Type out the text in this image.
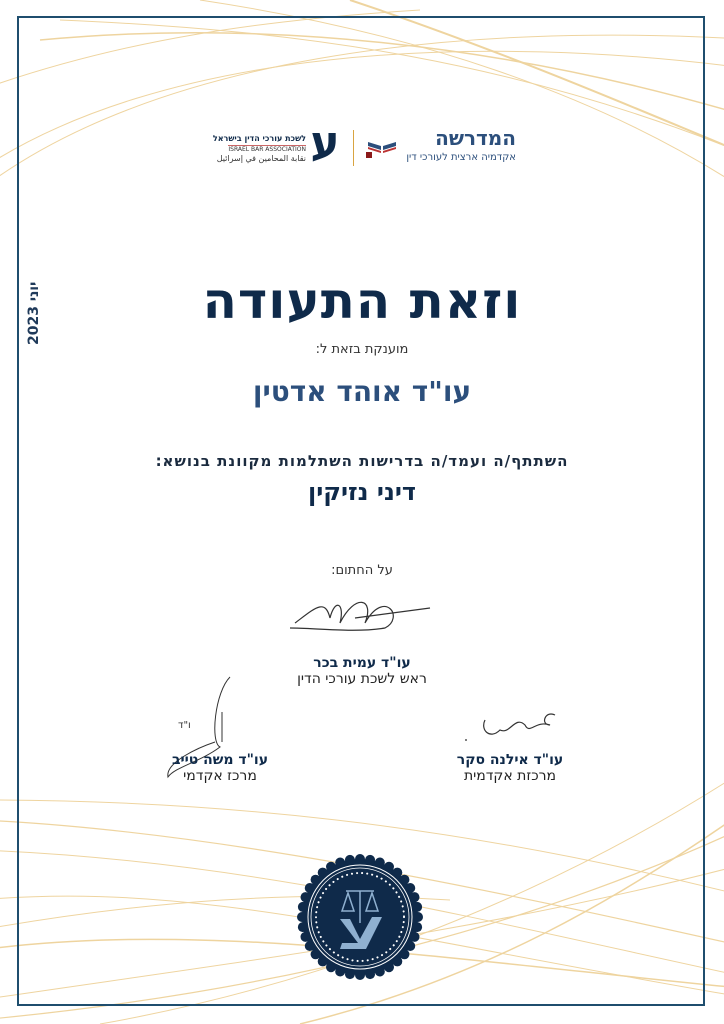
יוני 2023
ע
לשכת עורכי הדין בישראל
ISRAEL BAR ASSOCIATION
نقابة المحامين في إسرائيل
המדרשה
אקדמיה ארצית לעורכי דין
וזאת התעודה
מוענקת בזאת ל:
עו"ד אוהד אדטין
השתתף/ה ועמד/ה בדרישות השתלמות מקוונת בנושא:
דיני נזיקין
על החתום:
עו"ד עמית בכר
ראש לשכת עורכי הדין
ו"ד
עו"ד משה טייב
מרכז אקדמי
עו"ד אילנה סקר
מרכזת אקדמית
